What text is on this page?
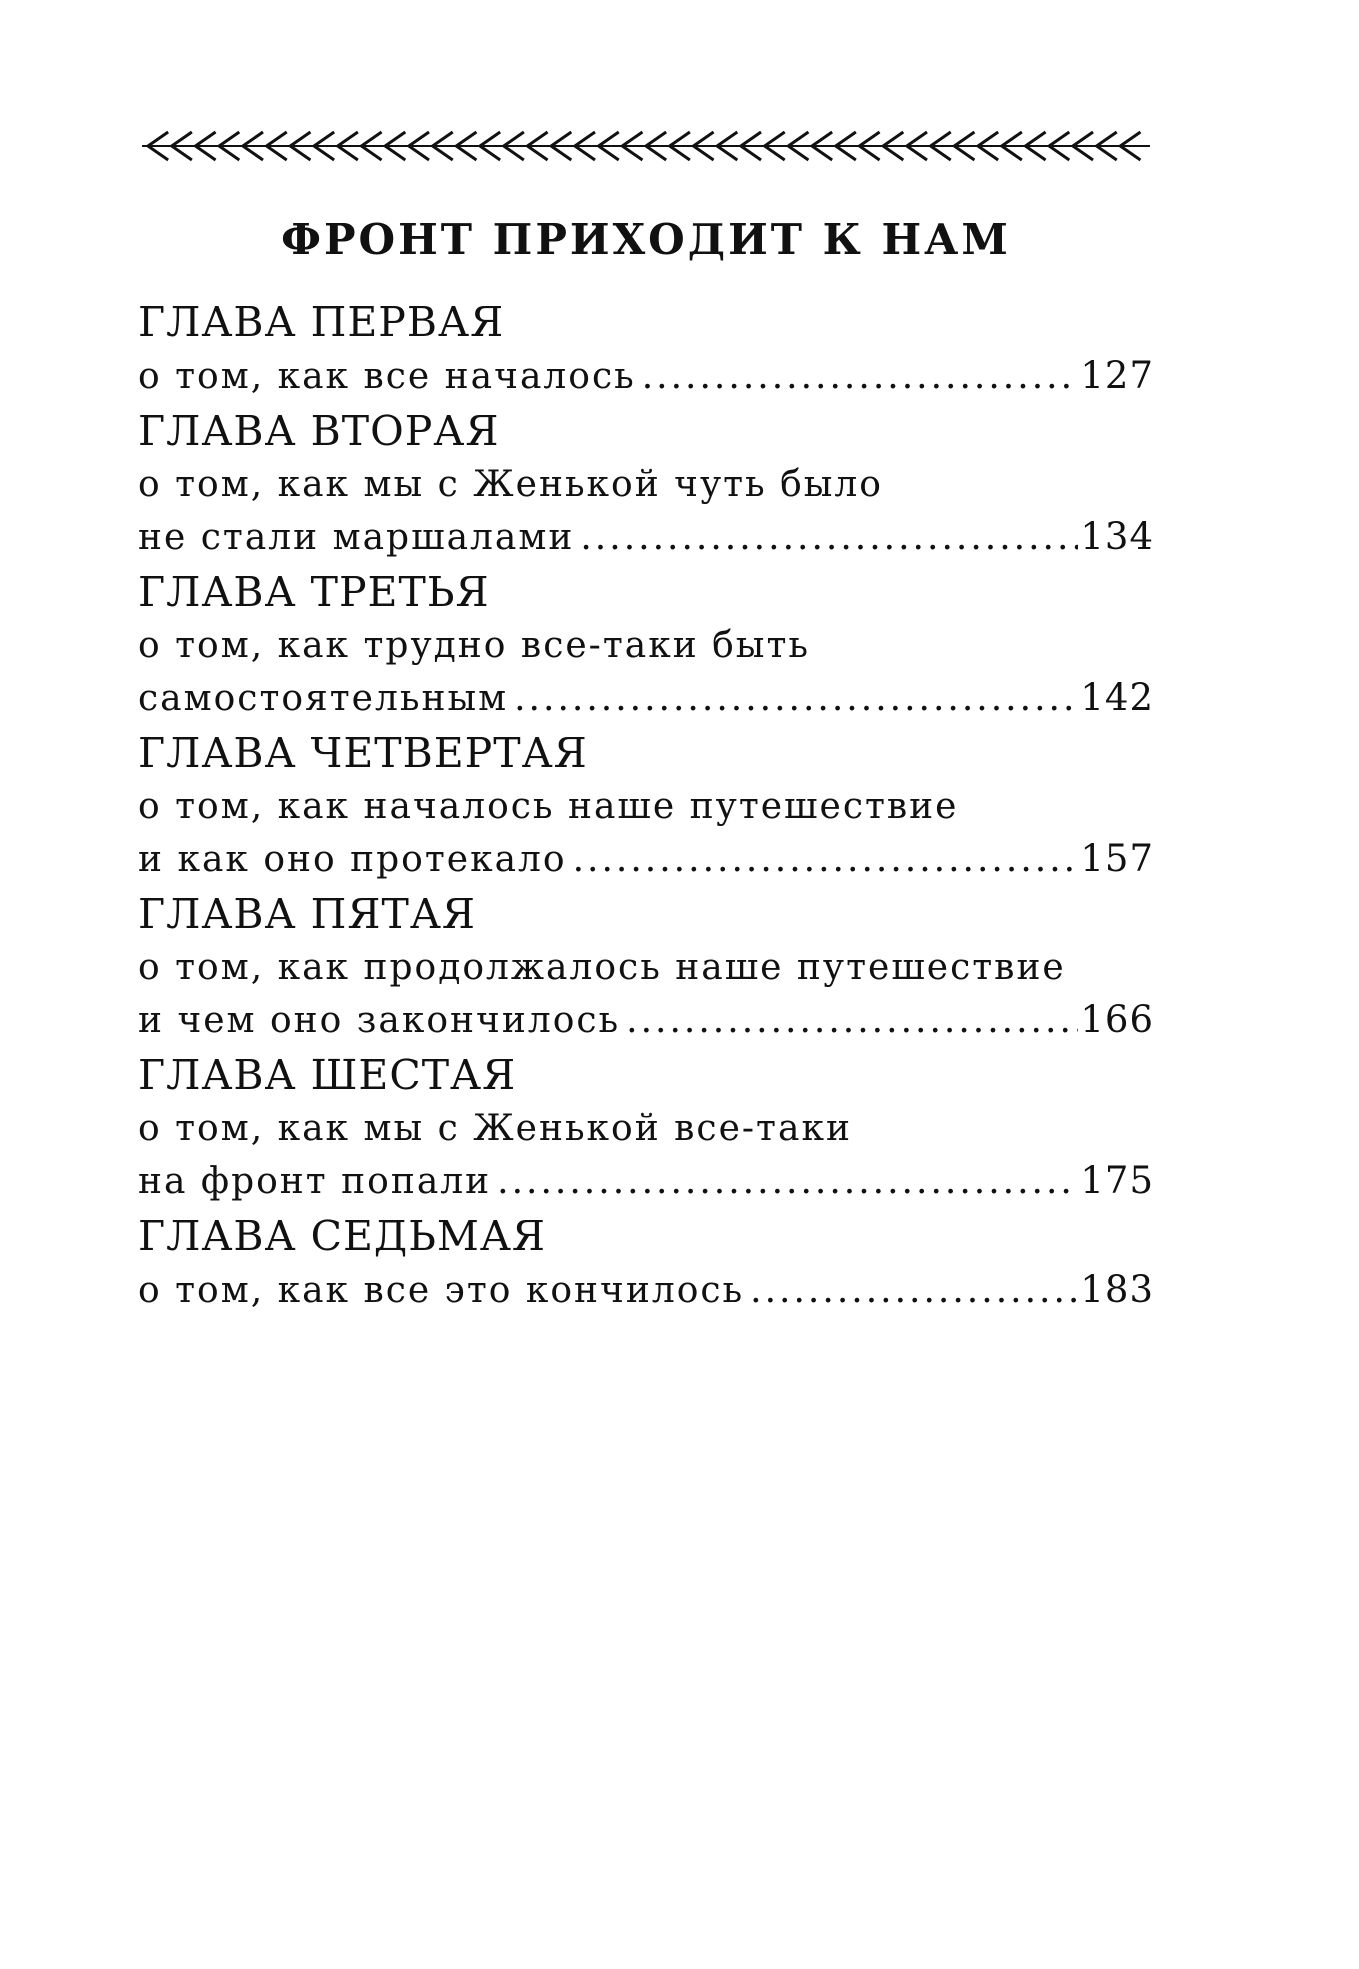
ФРОНТ ПРИХОДИТ К НАМ
ГЛАВА ПЕРВАЯ
о том, как все началось .....	127
ГЛАВА ВТОРАЯ
о том, как мы с Женькой чуть было
не стали маршалами .....	134
ГЛАВА ТРЕТЬЯ
о том, как трудно все-таки быть
самостоятельным .....	142
ГЛАВА ЧЕТВЕРТАЯ
о том, как началось наше путешествие
и как оно протекало .....	157
ГЛАВА ПЯТАЯ
о том, как продолжалось наше путешествие
и чем оно закончилось .....	166
ГЛАВА ШЕСТАЯ
о том, как мы с Женькой все-таки
на фронт попали .....	175
ГЛАВА СЕДЬМАЯ
о том, как все это кончилось .....	183
